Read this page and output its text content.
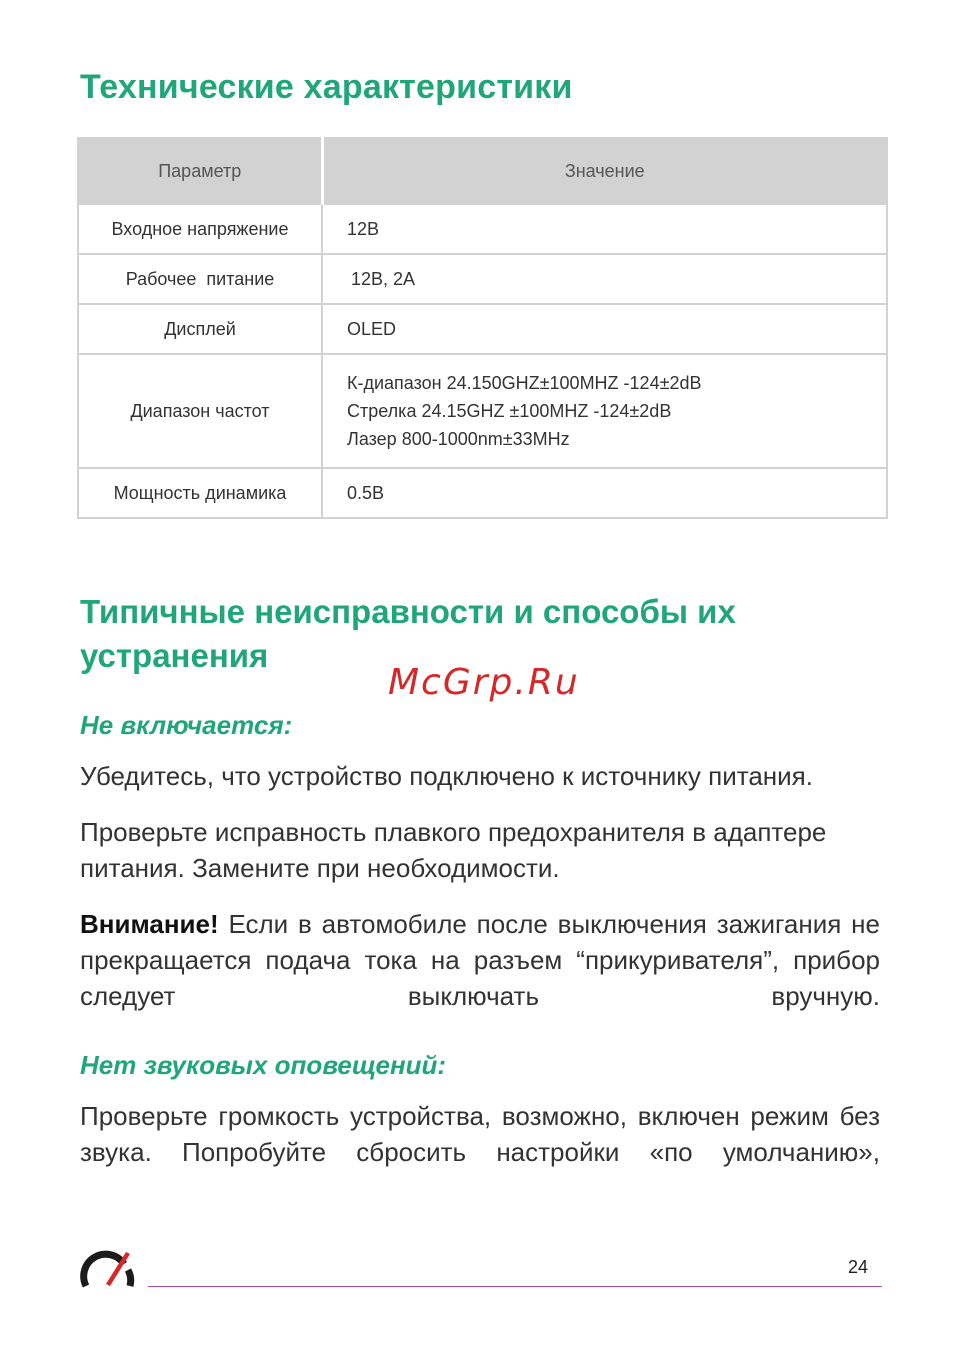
Технические характеристики
Параметр	Значение
Входное напряжение	12В
Рабочее  питание	12В, 2А
Дисплей	OLED
Диапазон частот	К-диапазон 24.150GHZ±100MHZ -124±2dB
Стрелка 24.15GHZ ±100MHZ -124±2dB
Лазер 800-1000nm±33MHz

Мощность динамика	0.5В
Типичные неисправности и способы их устранения
McGrp.Ru
Не включается:
Убедитесь, что устройство подключено к источнику питания.
Проверьте исправность плавкого предохранителя в адаптере питания. Замените при необходимости.
Внимание! Если в автомобиле после выключения зажигания не прекращается подача тока на разъем “прикуривателя”, прибор следует выключать вручную.
Нет звуковых оповещений:
Проверьте громкость устройства, возможно, включен режим без звука. Попробуйте сбросить настройки «по умолчанию»,
24
